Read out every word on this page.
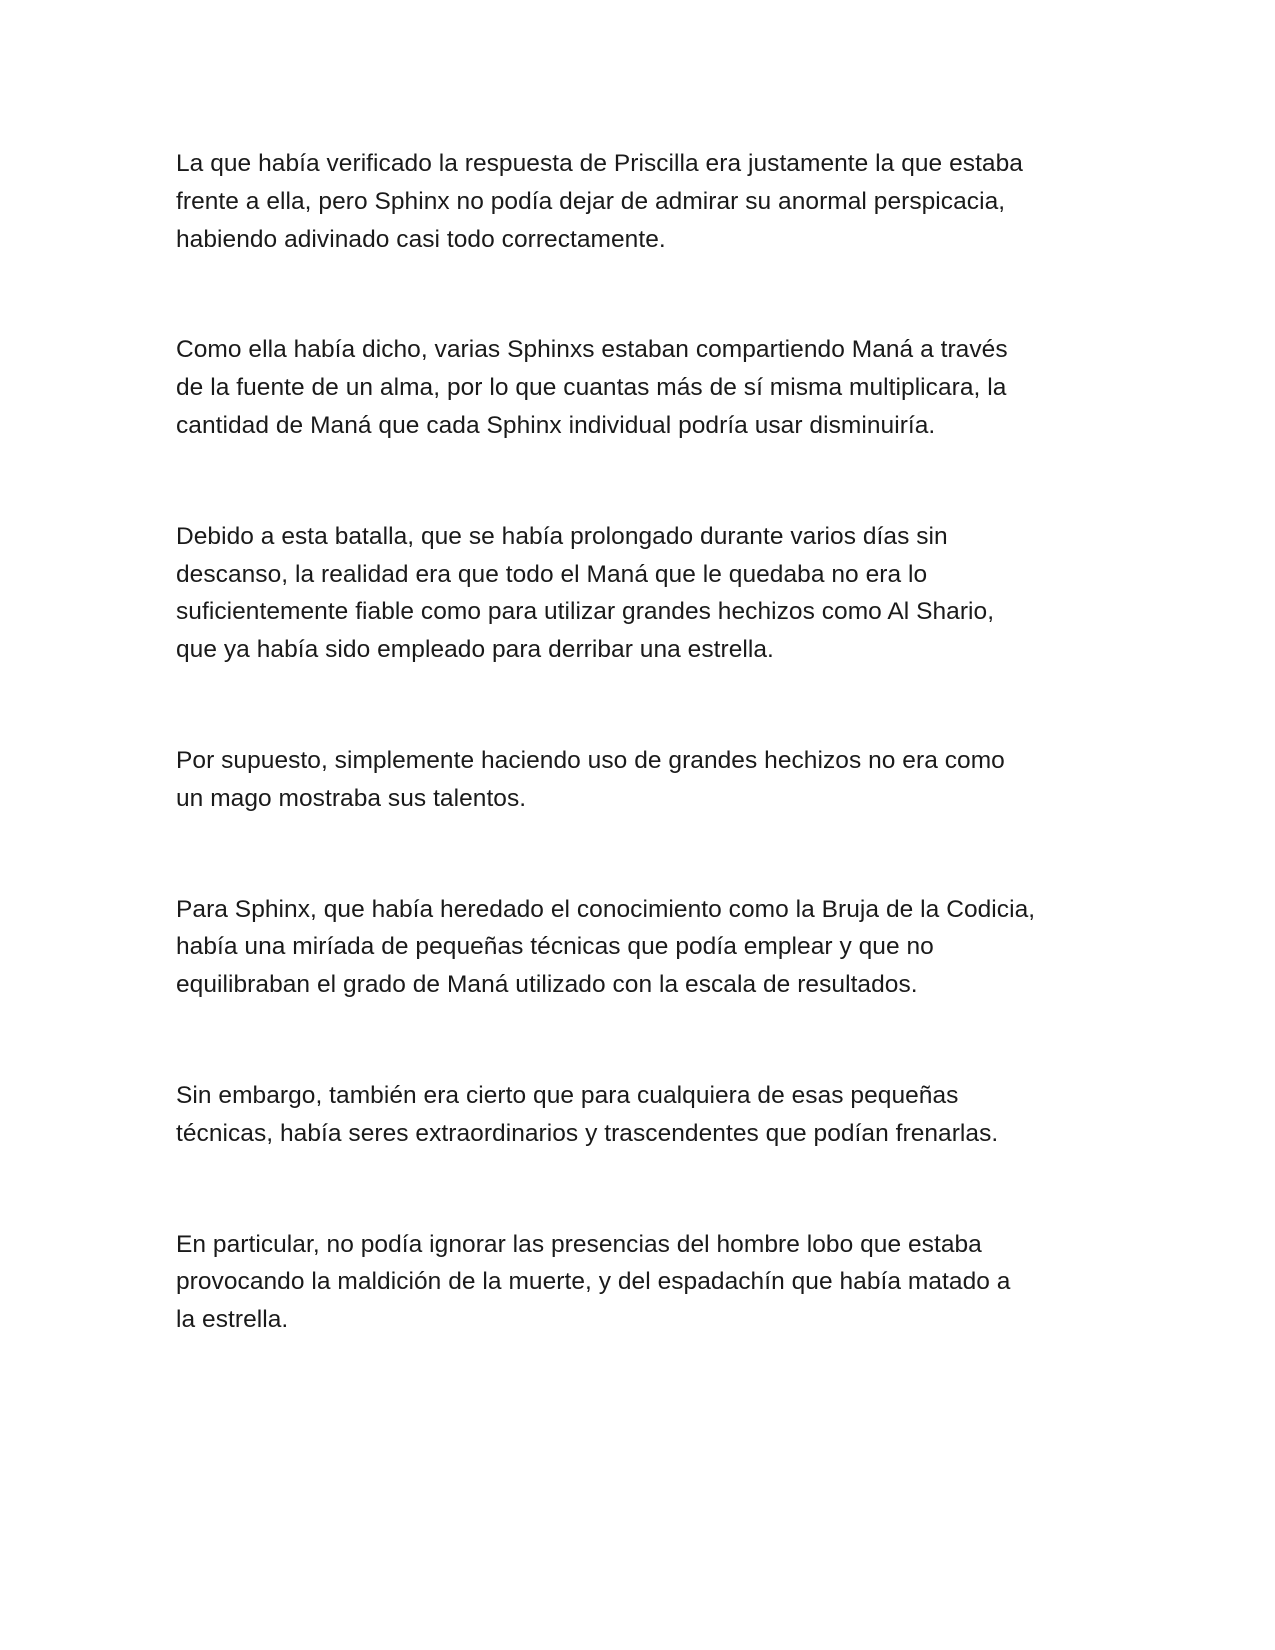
La que había verificado la respuesta de Priscilla era justamente la que estaba
frente a ella, pero Sphinx no podía dejar de admirar su anormal perspicacia,
habiendo adivinado casi todo correctamente.

Como ella había dicho, varias Sphinxs estaban compartiendo Maná a través
de la fuente de un alma, por lo que cuantas más de sí misma multiplicara, la
cantidad de Maná que cada Sphinx individual podría usar disminuiría.

Debido a esta batalla, que se había prolongado durante varios días sin
descanso, la realidad era que todo el Maná que le quedaba no era lo
suficientemente fiable como para utilizar grandes hechizos como Al Shario,
que ya había sido empleado para derribar una estrella.

Por supuesto, simplemente haciendo uso de grandes hechizos no era como
un mago mostraba sus talentos.

Para Sphinx, que había heredado el conocimiento como la Bruja de la Codicia,
había una miríada de pequeñas técnicas que podía emplear y que no
equilibraban el grado de Maná utilizado con la escala de resultados.

Sin embargo, también era cierto que para cualquiera de esas pequeñas
técnicas, había seres extraordinarios y trascendentes que podían frenarlas.

En particular, no podía ignorar las presencias del hombre lobo que estaba
provocando la maldición de la muerte, y del espadachín que había matado a
la estrella.
